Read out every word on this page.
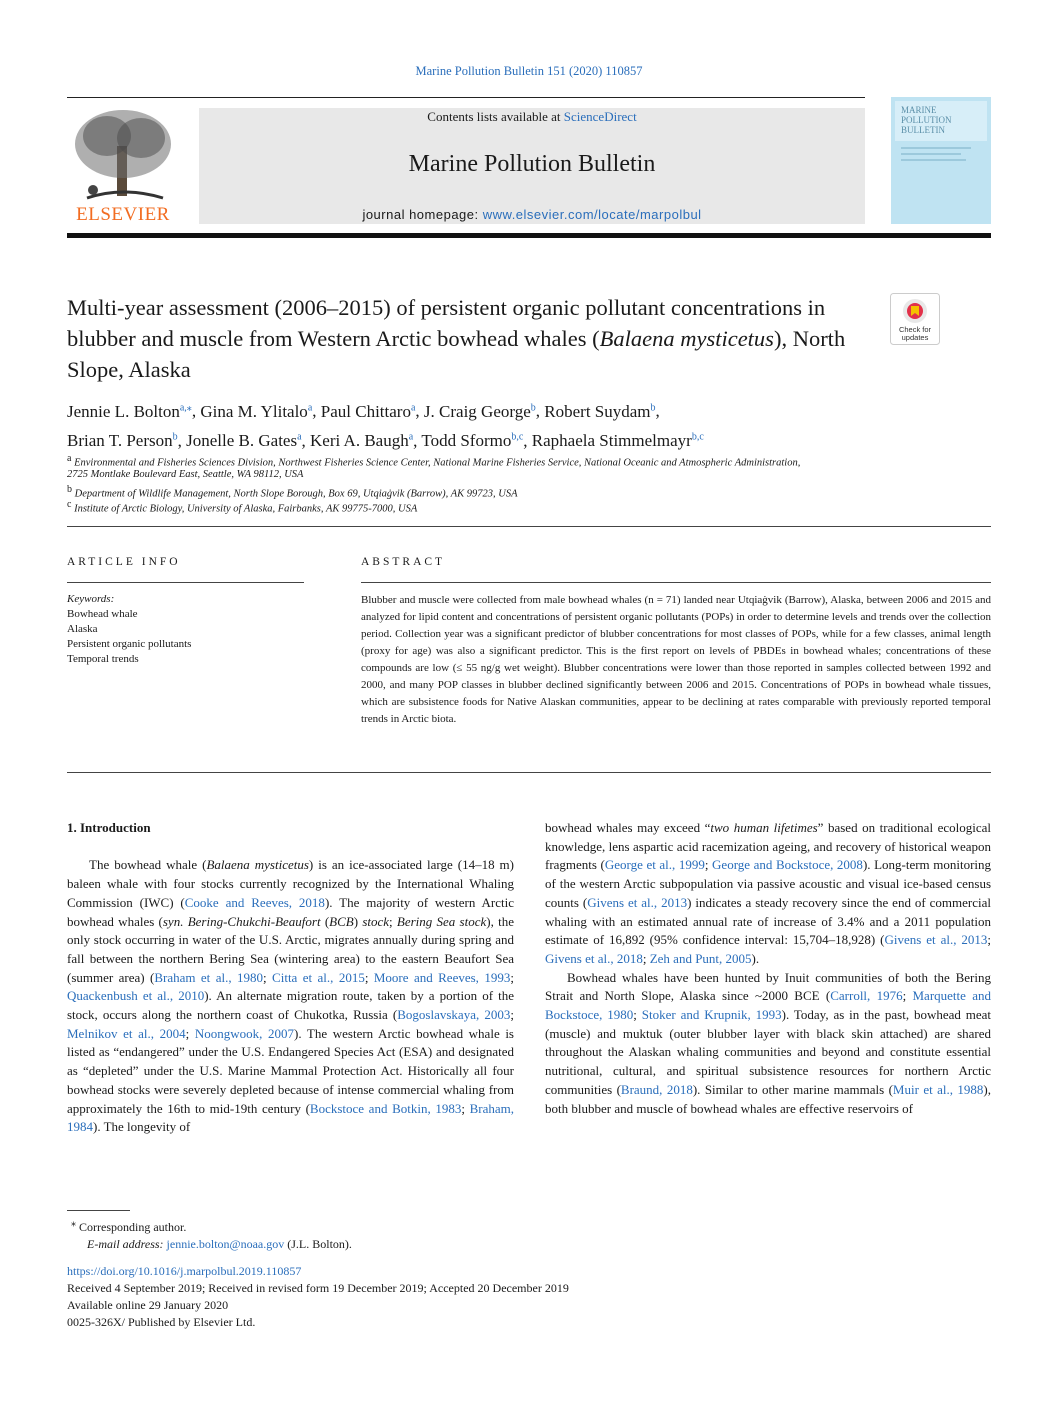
Marine Pollution Bulletin 151 (2020) 110857
ELSEVIER
Contents lists available at ScienceDirect
Marine Pollution Bulletin
journal homepage: www.elsevier.com/locate/marpolbul
MARINE
POLLUTION
BULLETIN
Multi-year assessment (2006–2015) of persistent organic pollutant concentrations in blubber and muscle from Western Arctic bowhead whales (Balaena mysticetus), North Slope, Alaska
Check for
updates
Jennie L. Bolton$^{a,⁎}$, Gina M. Ylitalo$^a$, Paul Chittaro$^a$, J. Craig George$^b$, Robert Suydam$^b$,
Brian T. Person$^b$, Jonelle B. Gates$^a$, Keri A. Baugh$^a$, Todd Sformo$^{b,c}$, Raphaela Stimmelmayr$^{b,c}$
$^a$ Environmental and Fisheries Sciences Division, Northwest Fisheries Science Center, National Marine Fisheries Service, National Oceanic and Atmospheric Administration,
2725 Montlake Boulevard East, Seattle, WA 98112, USA
$^b$ Department of Wildlife Management, North Slope Borough, Box 69, Utqiaġvik (Barrow), AK 99723, USA
$^c$ Institute of Arctic Biology, University of Alaska, Fairbanks, AK 99775-7000, USA
ARTICLE INFO	ABSTRACT
Keywords:
Bowhead whale
Alaska
Persistent organic pollutants
Temporal trends
Blubber and muscle were collected from male bowhead whales (n = 71) landed near Utqiaġvik (Barrow), Alaska, between 2006 and 2015 and analyzed for lipid content and concentrations of persistent organic pollutants (POPs) in order to determine levels and trends over the collection period. Collection year was a significant predictor of blubber concentrations for most classes of POPs, while for a few classes, animal length (proxy for age) was also a significant predictor. This is the first report on levels of PBDEs in bowhead whales; concentrations of these compounds are low (≤ 55 ng/g wet weight). Blubber concentrations were lower than those reported in samples collected between 1992 and 2000, and many POP classes in blubber declined significantly between 2006 and 2015. Concentrations of POPs in bowhead whale tissues, which are subsistence foods for Native Alaskan communities, appear to be declining at rates comparable with previously reported temporal trends in Arctic biota.

1. Introduction

The bowhead whale (Balaena mysticetus) is an ice-associated large (14–18 m) baleen whale with four stocks currently recognized by the International Whaling Commission (IWC) (Cooke and Reeves, 2018). The majority of western Arctic bowhead whales (syn. Bering-Chukchi-Beaufort (BCB) stock; Bering Sea stock), the only stock occurring in water of the U.S. Arctic, migrates annually during spring and fall between the northern Bering Sea (wintering area) to the eastern Beaufort Sea (summer area) (Braham et al., 1980; Citta et al., 2015; Moore and Reeves, 1993; Quackenbush et al., 2010). An alternate migration route, taken by a portion of the stock, occurs along the northern coast of Chukotka, Russia (Bogoslavskaya, 2003; Melnikov et al., 2004; Noongwook, 2007). The western Arctic bowhead whale is listed as “endangered” under the U.S. Endangered Species Act (ESA) and designated as “depleted” under the U.S. Marine Mammal Protection Act. Historically all four bowhead stocks were severely depleted because of intense commercial whaling from approximately the 16th to mid-19th century (Bockstoce and Botkin, 1983; Braham, 1984). The longevity of

bowhead whales may exceed “two human lifetimes” based on traditional ecological knowledge, lens aspartic acid racemization ageing, and recovery of historical weapon fragments (George et al., 1999; George and Bockstoce, 2008). Long-term monitoring of the western Arctic subpopulation via passive acoustic and visual ice-based census counts (Givens et al., 2013) indicates a steady recovery since the end of commercial whaling with an estimated annual rate of increase of 3.4% and a 2011 population estimate of 16,892 (95% confidence interval: 15,704–18,928) (Givens et al., 2013; Givens et al., 2018; Zeh and Punt, 2005).

Bowhead whales have been hunted by Inuit communities of both the Bering Strait and North Slope, Alaska since ~2000 BCE (Carroll, 1976; Marquette and Bockstoce, 1980; Stoker and Krupnik, 1993). Today, as in the past, bowhead meat (muscle) and muktuk (outer blubber layer with black skin attached) are shared throughout the Alaskan whaling communities and beyond and constitute essential nutritional, cultural, and spiritual subsistence resources for northern Arctic communities (Braund, 2018). Similar to other marine mammals (Muir et al., 1988), both blubber and muscle of bowhead whales are effective reservoirs of

⁎ Corresponding author.
E-mail address: jennie.bolton@noaa.gov (J.L. Bolton).
https://doi.org/10.1016/j.marpolbul.2019.110857
Received 4 September 2019; Received in revised form 19 December 2019; Accepted 20 December 2019
Available online 29 January 2020
0025-326X/ Published by Elsevier Ltd.
